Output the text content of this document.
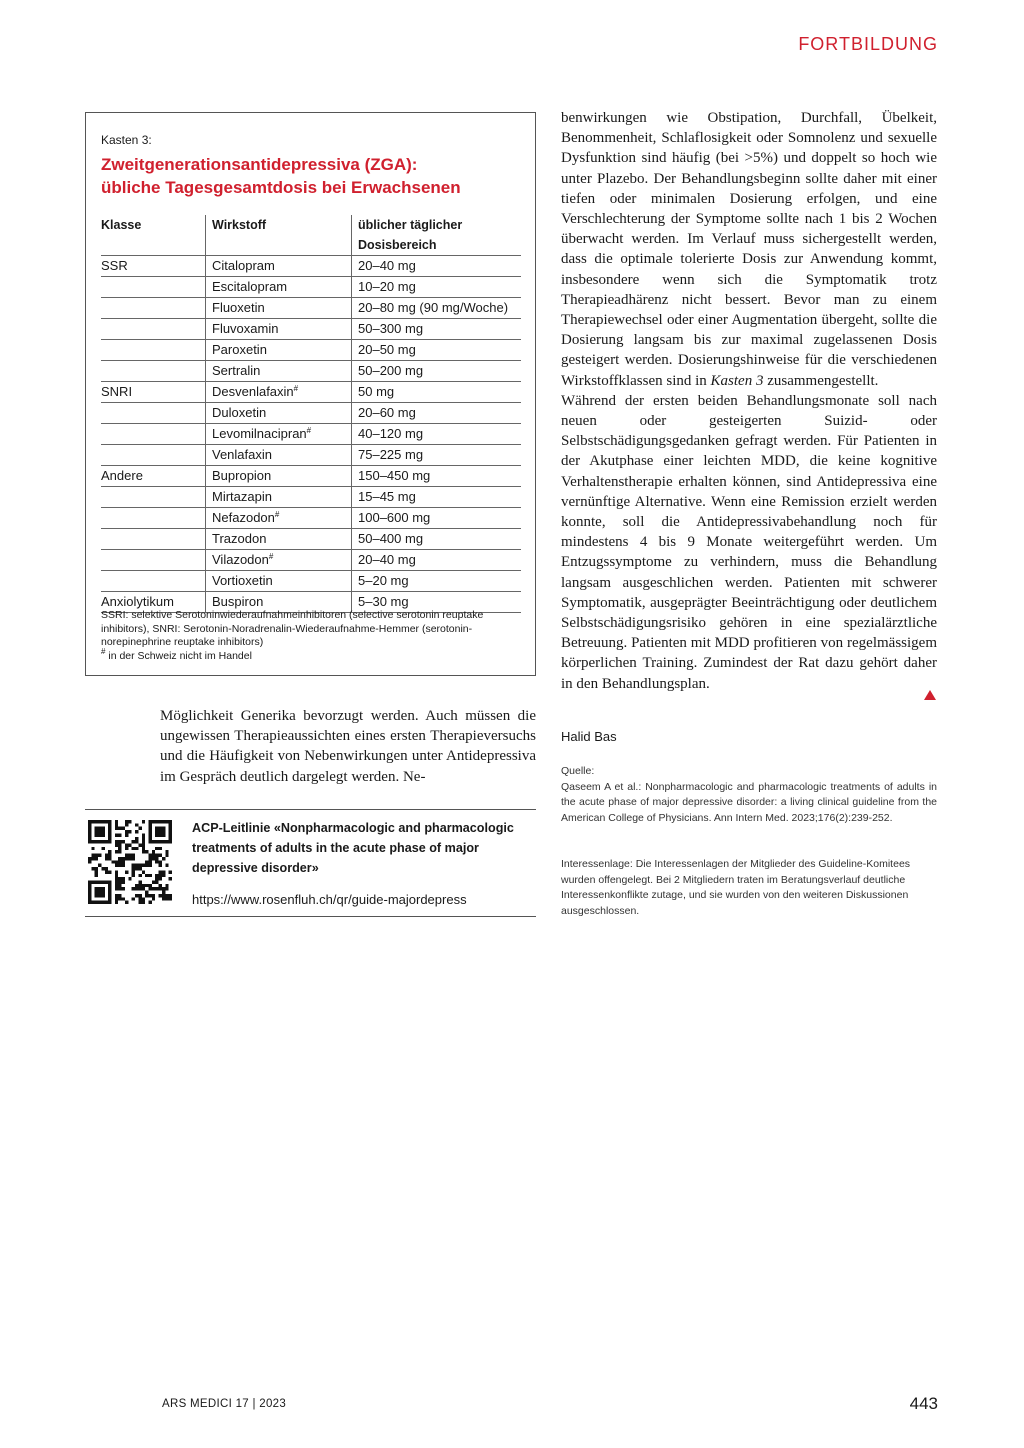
FORTBILDUNG
Kasten 3:
Zweitgenerationsantidepressiva (ZGA):
übliche Tagesgesamtdosis bei Erwachsenen
Klasse	Wirkstoff	üblicher täglicher
		Dosisbereich
SSR	Citalopram	20–40 mg
	Escitalopram	10–20 mg
	Fluoxetin	20–80 mg (90 mg/Woche)
	Fluvoxamin	50–300 mg
	Paroxetin	20–50 mg
	Sertralin	50–200 mg
SNRI	Desvenlafaxin#	50 mg
	Duloxetin	20–60 mg
	Levomilnacipran#	40–120 mg
	Venlafaxin	75–225 mg
Andere	Bupropion	150–450 mg
	Mirtazapin	15–45 mg
	Nefazodon#	100–600 mg
	Trazodon	50–400 mg
	Vilazodon#	20–40 mg
	Vortioxetin	5–20 mg
Anxiolytikum	Buspiron	5–30 mg

SSRI: selektive Serotoninwiederaufnahmeinhibitoren (selective serotonin reuptake inhibitors), SNRI: Serotonin-Noradrenalin-Wiederaufnahme-Hemmer (serotonin-norepinephrine reuptake inhibitors)

# in der Schweiz nicht im Handel

Möglichkeit Generika bevorzugt werden. Auch müssen die ungewissen Therapieaussichten eines ersten Therapieversuchs und die Häufigkeit von Nebenwirkungen unter Antidepressiva im Gespräch deutlich dargelegt werden. Ne-

ACP-Leitlinie «Nonpharmacologic and pharmacologic treatments of adults in the acute phase of major depressive disorder»
https://www.rosenfluh.ch/qr/guide-majordepress

benwirkungen wie Obstipation, Durchfall, Übelkeit, Benommenheit, Schlaflosigkeit oder Somnolenz und sexuelle Dysfunktion sind häufig (bei >5%) und doppelt so hoch wie unter Plazebo. Der Behandlungsbeginn sollte daher mit einer tiefen oder minimalen Dosierung erfolgen, und eine Verschlechterung der Symptome sollte nach 1 bis 2 Wochen überwacht werden. Im Verlauf muss sichergestellt werden, dass die optimale tolerierte Dosis zur Anwendung kommt, insbesondere wenn sich die Symptomatik trotz Therapieadhärenz nicht bessert. Bevor man zu einem Therapiewechsel oder einer Augmentation übergeht, sollte die Dosierung langsam bis zur maximal zugelassenen Dosis gesteigert werden. Dosierungshinweise für die verschiedenen Wirkstoffklassen sind in Kasten 3 zusammengestellt.

Während der ersten beiden Behandlungsmonate soll nach neuen oder gesteigerten Suizid- oder Selbstschädigungsgedanken gefragt werden. Für Patienten in der Akutphase einer leichten MDD, die keine kognitive Verhaltenstherapie erhalten können, sind Antidepressiva eine vernünftige Alternative. Wenn eine Remission erzielt werden konnte, soll die Antidepressivabehandlung noch für mindestens 4 bis 9 Monate weitergeführt werden. Um Entzugssymptome zu verhindern, muss die Behandlung langsam ausgeschlichen werden. Patienten mit schwerer Symptomatik, ausgeprägter Beeinträchtigung oder deutlichem Selbstschädigungsrisiko gehören in eine spezialärztliche Betreuung. Patienten mit MDD profitieren von regelmässigem körperlichen Training. Zumindest der Rat dazu gehört daher in den Behandlungsplan.

Halid Bas

Quelle:

Qaseem A et al.: Nonpharmacologic and pharmacologic treatments of adults in the acute phase of major depressive disorder: a living clinical guideline from the American College of Physicians. Ann Intern Med. 2023;176(2):239-252.

Interessenlage: Die Interessenlagen der Mitglieder des Guideline-Komitees wurden offengelegt. Bei 2 Mitgliedern traten im Beratungsverlauf deutliche Interessenkonflikte zutage, und sie wurden von den weiteren Diskussionen ausgeschlossen.
ARS MEDICI 17 | 2023	443
